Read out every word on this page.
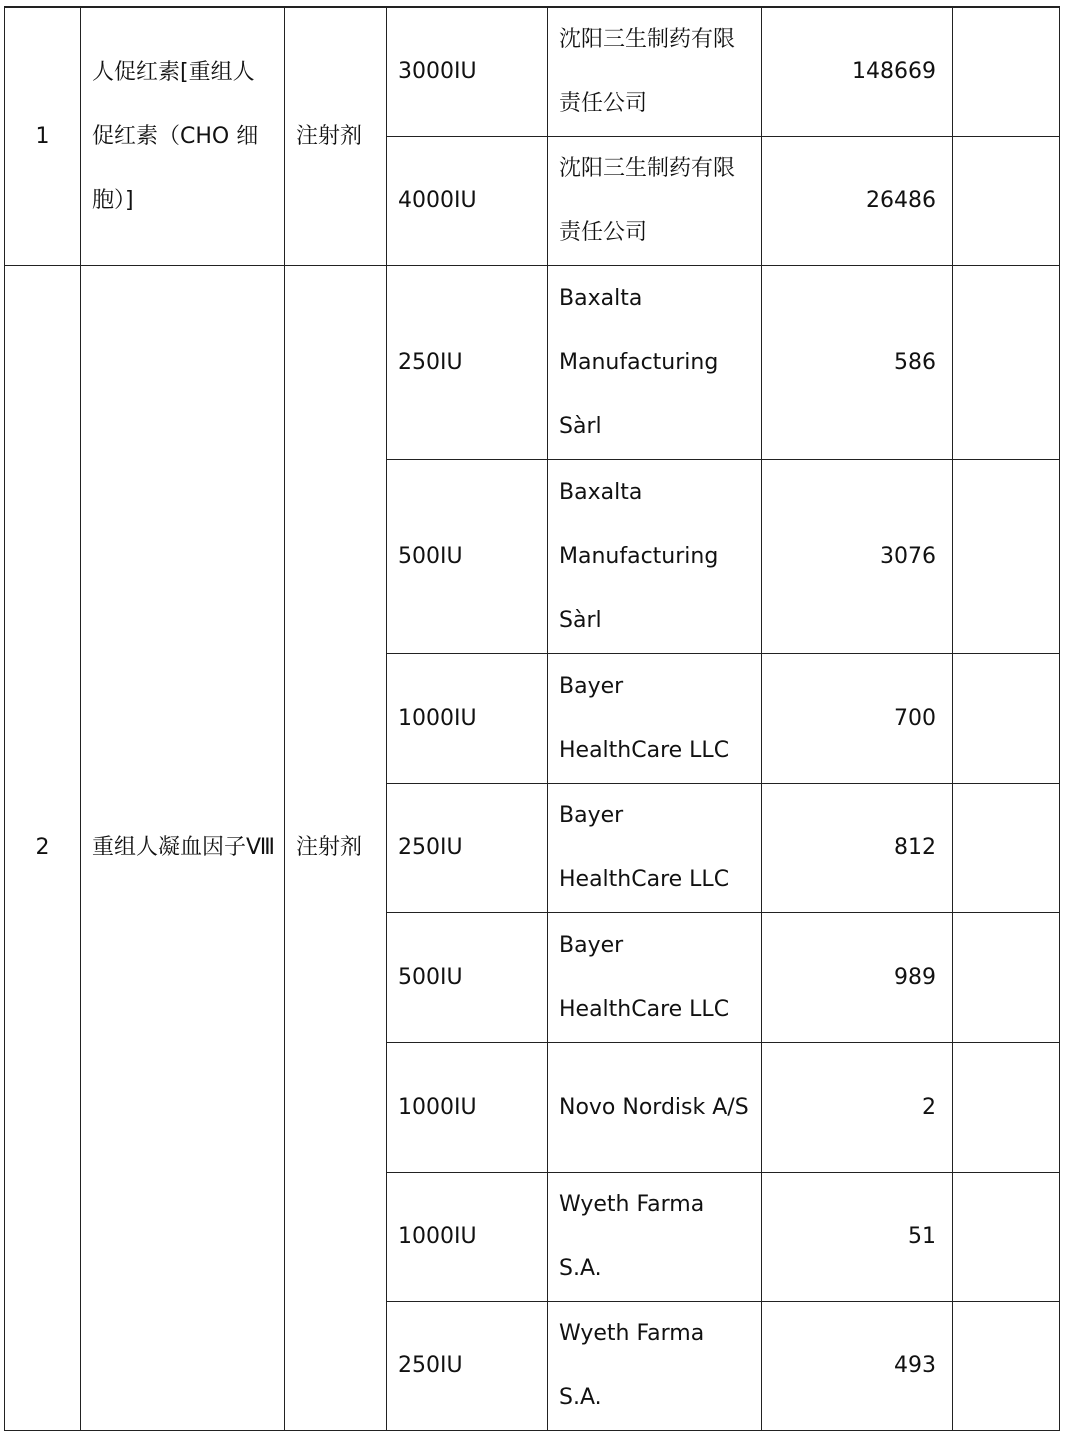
1	人促红素[重组人促红素（CHO 细胞）]	注射剂	3000IU	沈阳三生制药有限责任公司	148669	
			4000IU	沈阳三生制药有限责任公司	26486	
2	重组人凝血因子Ⅷ	注射剂	250IU	Baxalta Manufacturing Sàrl	586	
			500IU	Baxalta Manufacturing Sàrl	3076	
			1000IU	Bayer HealthCare LLC	700	
			250IU	Bayer HealthCare LLC	812	
			500IU	Bayer HealthCare LLC	989	
			1000IU	Novo Nordisk A/S	2	
			1000IU	Wyeth Farma S.A.	51	
			250IU	Wyeth Farma S.A.	493	
